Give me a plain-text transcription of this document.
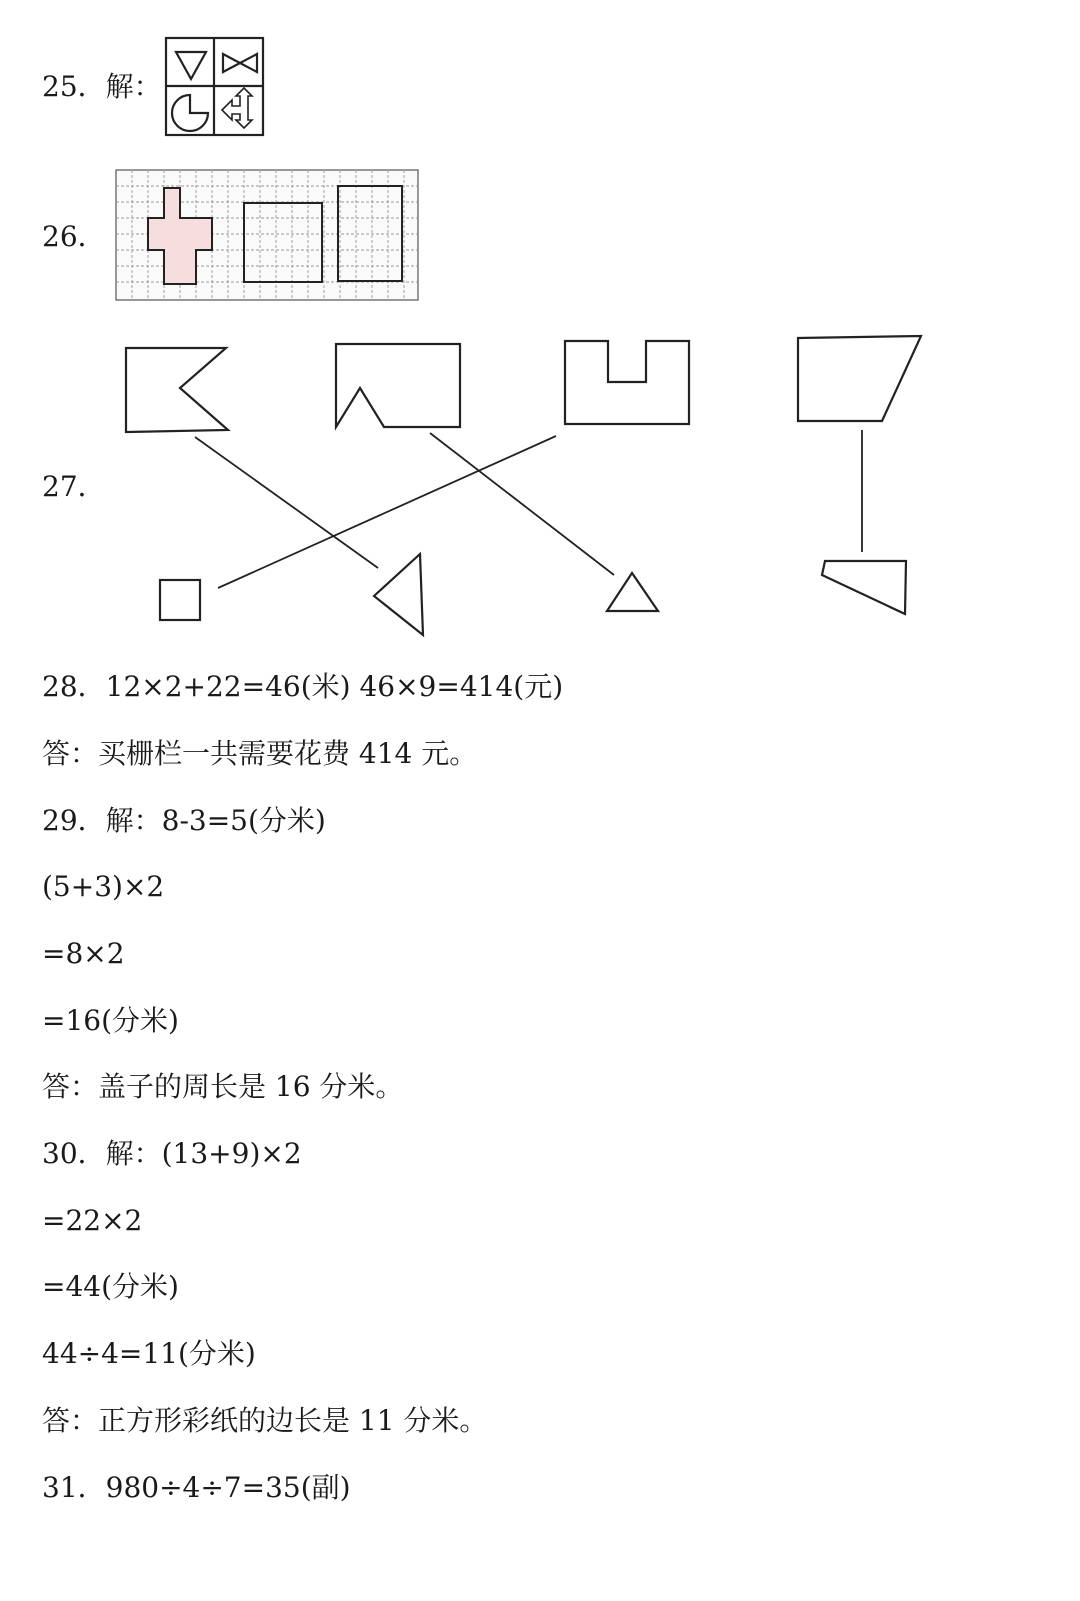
25．解：
26．
27．
28．12×2+22=46(米) 46×9=414(元)
答：买栅栏一共需要花费 414 元。
29．解：8-3=5(分米)
(5+3)×2
=8×2
=16(分米)
答：盖子的周长是 16 分米。
30．解：(13+9)×2
=22×2
=44(分米)
44÷4=11(分米)
答：正方形彩纸的边长是 11 分米。
31．980÷4÷7=35(副)
